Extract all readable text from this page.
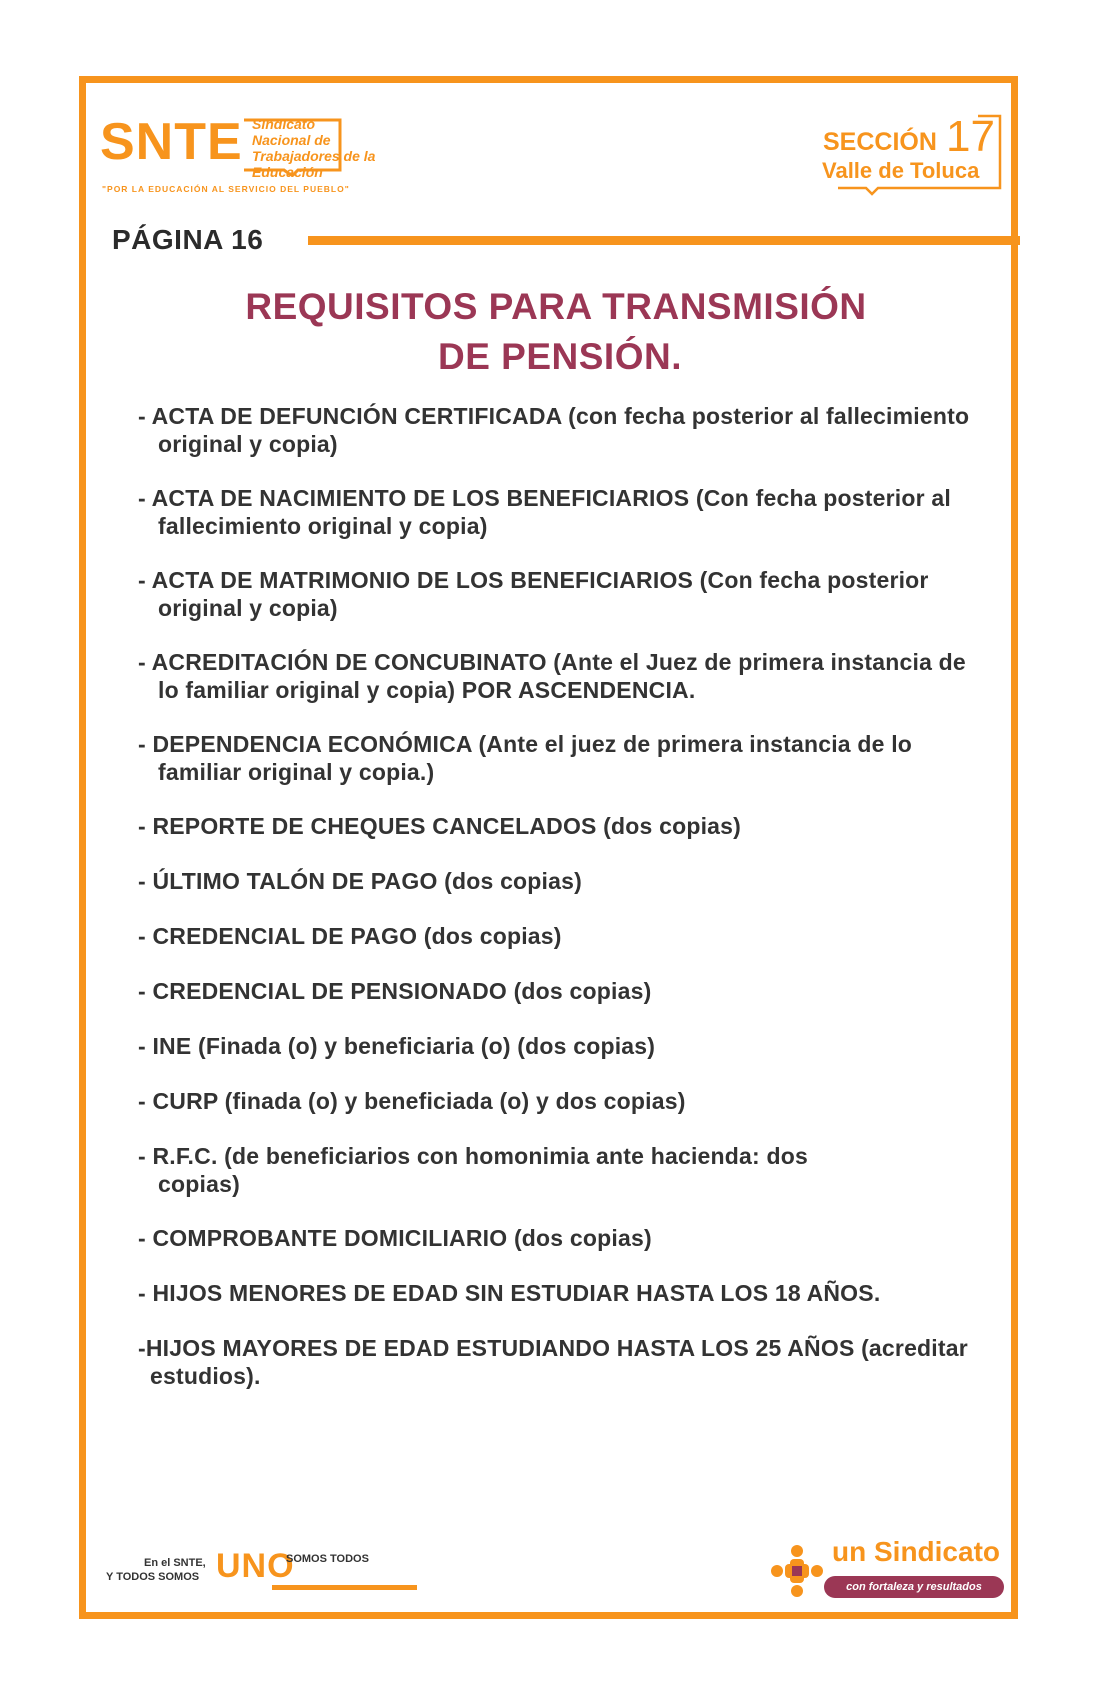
SNTE Sindicato
Nacional de
Trabajadores de la
Educación
"POR LA EDUCACIÓN AL SERVICIO DEL PUEBLO"
SECCIÓN 17
Valle de Toluca
PÁGINA 16
REQUISITOS PARA TRANSMISIÓN
DE PENSIÓN.
- ACTA DE DEFUNCIÓN CERTIFICADA (con fecha posterior al fallecimiento original y copia)
- ACTA DE NACIMIENTO DE LOS BENEFICIARIOS (Con fecha posterior al fallecimiento original y copia)
- ACTA DE MATRIMONIO DE LOS BENEFICIARIOS (Con fecha posterior original y copia)
- ACREDITACIÓN DE CONCUBINATO (Ante el Juez de primera instancia de lo familiar original y copia) POR ASCENDENCIA.
- DEPENDENCIA ECONÓMICA (Ante el juez de primera instancia de lo familiar original y copia.)
- REPORTE DE CHEQUES CANCELADOS (dos copias)
- ÚLTIMO TALÓN DE PAGO (dos copias)
- CREDENCIAL DE PAGO (dos copias)
- CREDENCIAL DE PENSIONADO (dos copias)
- INE (Finada (o) y beneficiaria (o) (dos copias)
- CURP (finada (o) y beneficiada (o) y dos copias)
- R.F.C. (de beneficiarios con homonimia ante hacienda: dos copias)
- COMPROBANTE DOMICILIARIO (dos copias)
- HIJOS MENORES DE EDAD SIN ESTUDIAR HASTA LOS 18 AÑOS.
-HIJOS MAYORES DE EDAD ESTUDIANDO HASTA LOS 25 AÑOS (acreditar estudios).
En el SNTE,
Y TODOS SOMOS UNO
SOMOS TODOS	un Sindicato
con fortaleza y resultados
